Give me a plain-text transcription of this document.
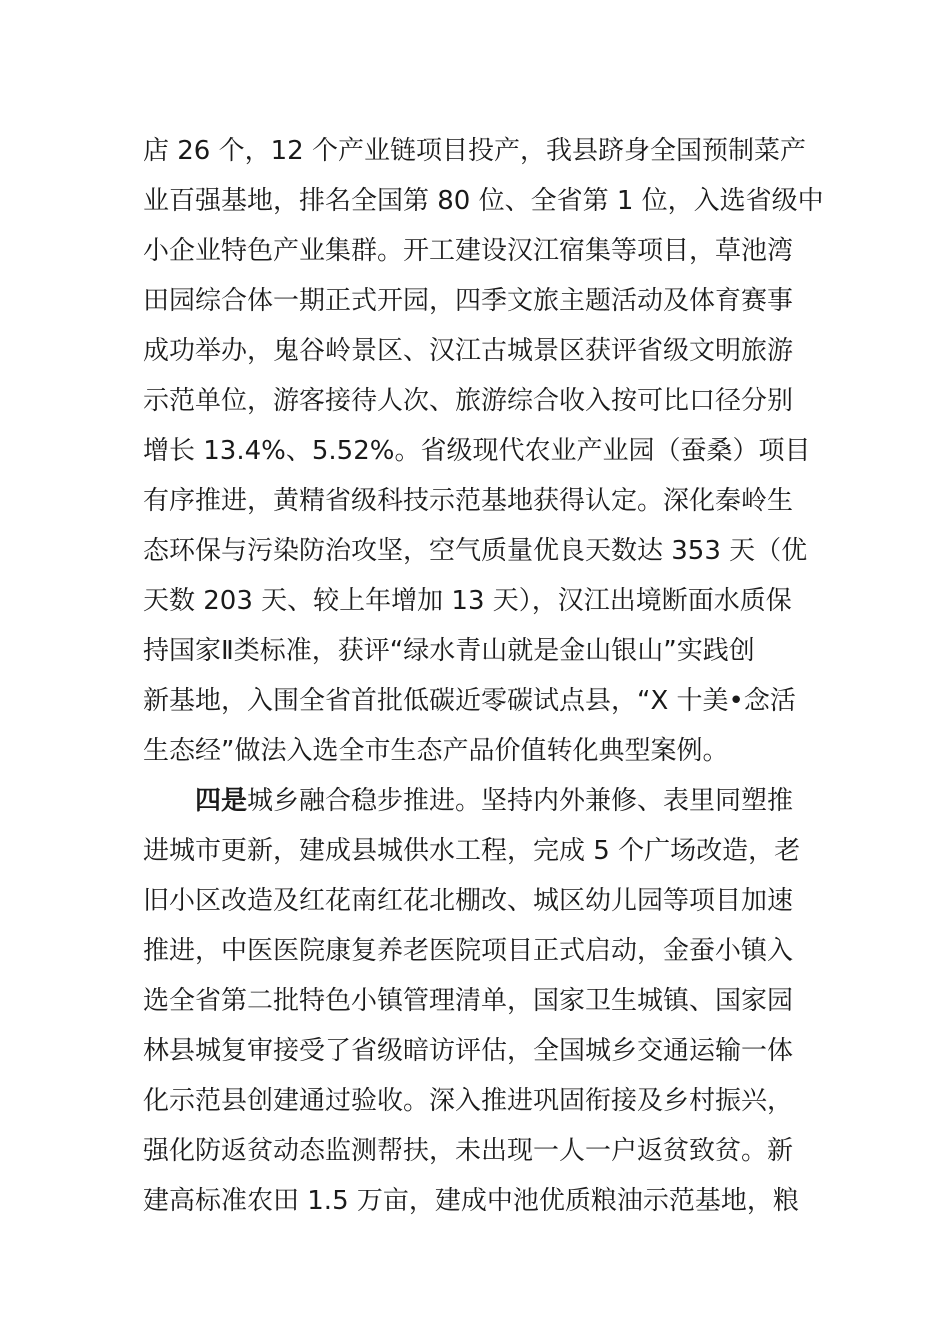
店 26 个，12 个产业链项目投产，我县跻身全国预制菜产
业百强基地，排名全国第 80 位、全省第 1 位，入选省级中
小企业特色产业集群。开工建设汉江宿集等项目，草池湾
田园综合体一期正式开园，四季文旅主题活动及体育赛事
成功举办，鬼谷岭景区、汉江古城景区获评省级文明旅游
示范单位，游客接待人次、旅游综合收入按可比口径分别
增长 13.4%、5.52%。省级现代农业产业园（蚕桑）项目
有序推进，黄精省级科技示范基地获得认定。深化秦岭生
态环保与污染防治攻坚，空气质量优良天数达 353 天（优
天数 203 天、较上年增加 13 天），汉江出境断面水质保
持国家Ⅱ类标准，获评“绿水青山就是金山银山”实践创
新基地，入围全省首批低碳近零碳试点县，“X 十美•念活
生态经”做法入选全市生态产品价值转化典型案例。
四是城乡融合稳步推进。坚持内外兼修、表里同塑推
进城市更新，建成县城供水工程，完成 5 个广场改造，老
旧小区改造及红花南红花北棚改、城区幼儿园等项目加速
推进，中医医院康复养老医院项目正式启动，金蚕小镇入
选全省第二批特色小镇管理清单，国家卫生城镇、国家园
林县城复审接受了省级暗访评估，全国城乡交通运输一体
化示范县创建通过验收。深入推进巩固衔接及乡村振兴，
强化防返贫动态监测帮扶，未出现一人一户返贫致贫。新
建高标准农田 1.5 万亩，建成中池优质粮油示范基地，粮
